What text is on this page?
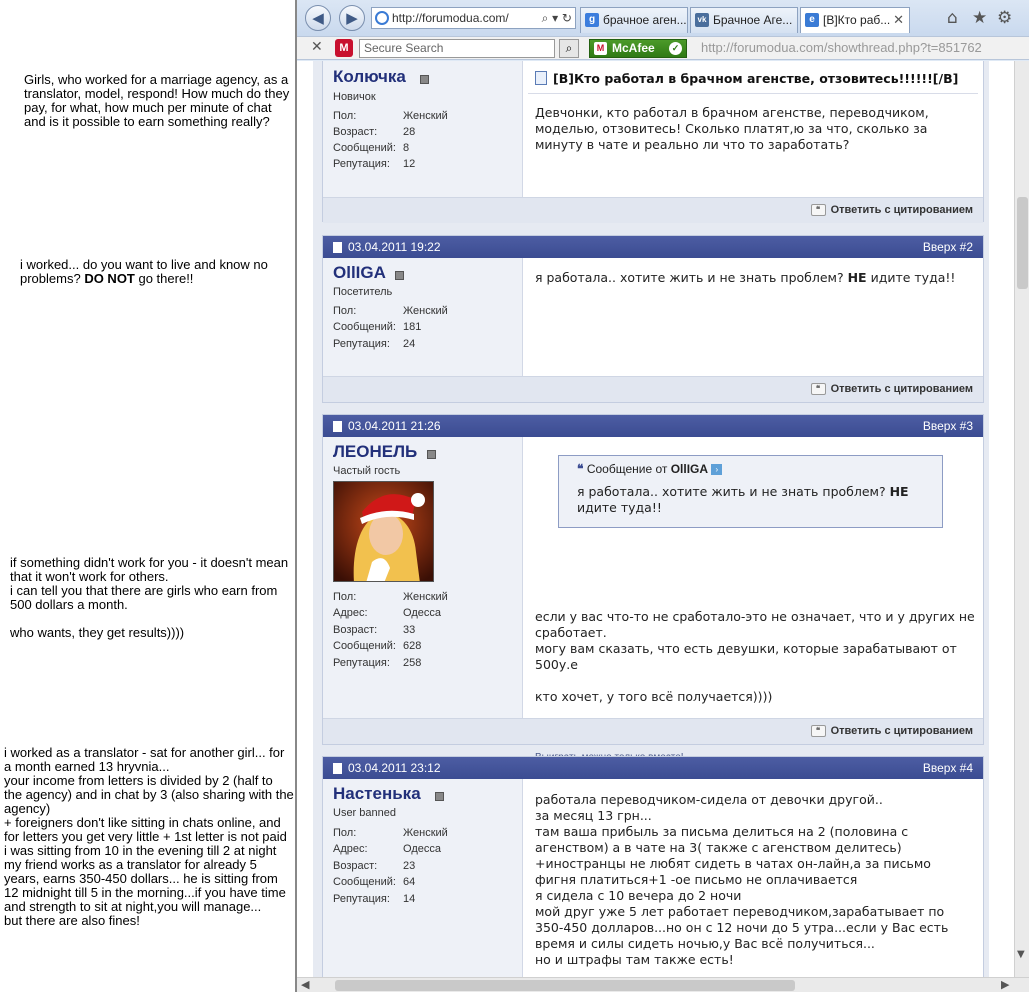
Girls, who worked for a marriage agency, as a translator, model, respond! How much do they pay, for what, how much per minute of chat and is it possible to earn something really?
i worked... do you want to live and know no problems? DO NOT go there!!
if something didn't work for you - it doesn't mean that it won't work for others.
i can tell you that there are girls who earn from 500 dollars a month.

who wants, they get results))))
i worked as a translator - sat for another girl... for a month earned 13 hryvnia...
your income from letters is divided by 2 (half to the agency) and in chat by 3 (also sharing with the agency)
+ foreigners don't like sitting in chats online, and for letters you get very little + 1st letter is not paid
i was sitting from 10 in the evening till 2 at night
my friend works as a translator for already 5 years, earns 350-450 dollars... he is sitting from 12 midnight till 5 in the morning...if you have time and strength to sit at night,you will manage...
but there are also fines!
◀	▶	http://forumodua.com/	⌕ ▾ ↻	g брачное аген...	vk Брачное Аге...	e [B]Кто раб... ✕	⌂ ★ ⚙
✕	M	Secure Search	⌕	M McAfee	✓ http://forumodua.com/showthread.php?t=851762
Колючка
Новичок
Пол:	Женский
Возраст: 28
Сообщений: 8
Репутация: 12
[B]Кто работал в брачном агенстве, отзовитесь!!!!!![/B]
Девчонки, кто работал в брачном агенстве, переводчиком, моделью, отзовитесь! Сколько платят,ю за что, сколько за минуту в чате и реально ли что то заработать?
❝ Ответить с цитированием
03.04.2011 19:22	Вверх #2
OllIGA
Посетитель
Пол:	Женский
Сообщений: 181
Репутация: 24
я работала.. хотите жить и не знать проблем? НЕ идите туда!!
❝ Ответить с цитированием
03.04.2011 21:26	Вверх #3
ЛЕОНЕЛЬ
Частый гость
Пол:	Женский
Адрес:	Одесса
Возраст: 33
Сообщений: 628
Репутация: 258
❝ Сообщение от OllIGA ›
я работала.. хотите жить и не знать проблем? НЕ идите туда!!
если у вас что-то не сработало-это не означает, что и у других не сработает.
могу вам сказать, что есть девушки, которые зарабатывают от 500у.е

кто хочет, у того всё получается))))
❝ Ответить с цитированием
03.04.2011 23:12	Вверх #4
Настенька
User banned
Пол:	Женский
Адрес:	Одесса
Возраст: 23
Сообщений: 64
Репутация: 14
работала переводчиком-сидела от девочки другой..
за месяц 13 грн...
там ваша прибыль за письма делиться на 2 (половина с агенством) а в чате на 3( также с агенством делитесь)
+иностранцы не любят сидеть в чатах он-лайн,а за письмо фигня платиться+1 -ое письмо не оплачивается
я сидела с 10 вечера до 2 ночи
мой друг уже 5 лет работает переводчиком,зарабатывает по 350-450 долларов...но он с 12 ночи до 5 утра...если у Вас есть время и силы сидеть ночью,у Вас всё получиться...
но и штрафы там также есть!	▼
◀	▶
